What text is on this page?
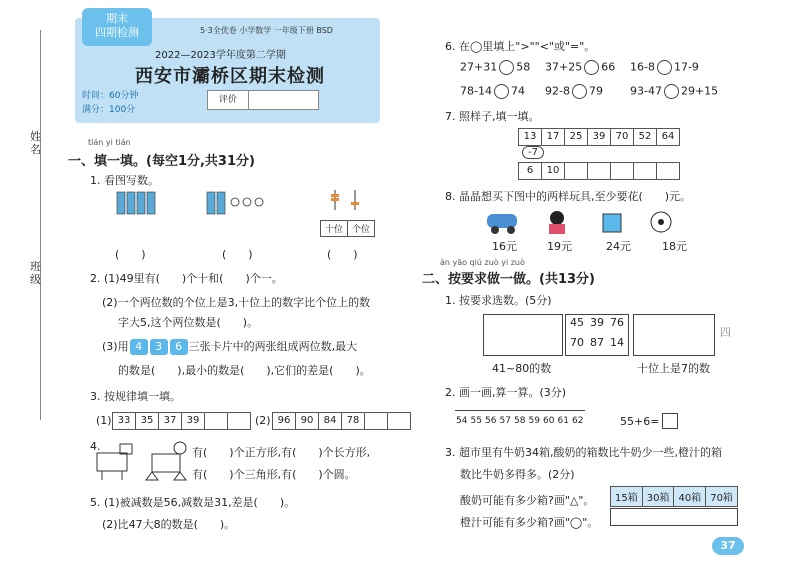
期末
四期检测	5·3全优卷 小学数学 一年级下册 BSD
2022—2023学年度第二学期
西安市灞桥区期末检测
时间：60分钟
满分：100分
评价
姓名
班级
tián yi tián
一、填一填。(每空1分,共31分)
1. 看图写数。
十位	个位
(　　)	(　　)	(　　)
2. (1)49里有(　　)个十和(　　)个一。
(2)一个两位数的个位上是3,十位上的数字比个位上的数
字大5,这个两位数是(　　)。
(3)用 4 3 6 三张卡片中的两张组成两位数,最大
的数是(　　),最小的数是(　　),它们的差是(　　)。
3. 按规律填一填。
(1) 33	35	37	39	(2) 96	90	84	78
4.	有(　　)个正方形,有(　　)个长方形,
有(　　)个三角形,有(　　)个圆。
5. (1)被减数是56,减数是31,差是(　　)。
(2)比47大8的数是(　　)。
6. 在◯里填上">""<"或"="。
27+31 58 37+25 66 16-8 17-9
78-14 74 92-8 79 93-47 29+15
7. 照样子,填一填。
13	17	25	39	70	52	64
-7
6	10
8. 晶晶想买下图中的两样玩具,至少要花(　　)元。
16元	19元	24元	18元
àn yāo qiú zuò yi zuò
二、按要求做一做。(共13分)
1. 按要求选数。(5分)
45 39 76
70 87 14
四
41~80的数	十位上是7的数
2. 画一画,算一算。(3分)
54 55 56 57 58 59 60 61 62	55+6=
3. 超市里有牛奶34箱,酸奶的箱数比牛奶少一些,橙汁的箱
数比牛奶多得多。(2分)
酸奶可能有多少箱?画"△"。
橙汁可能有多少箱?画"◯"。
15箱 30箱 40箱 70箱
37
